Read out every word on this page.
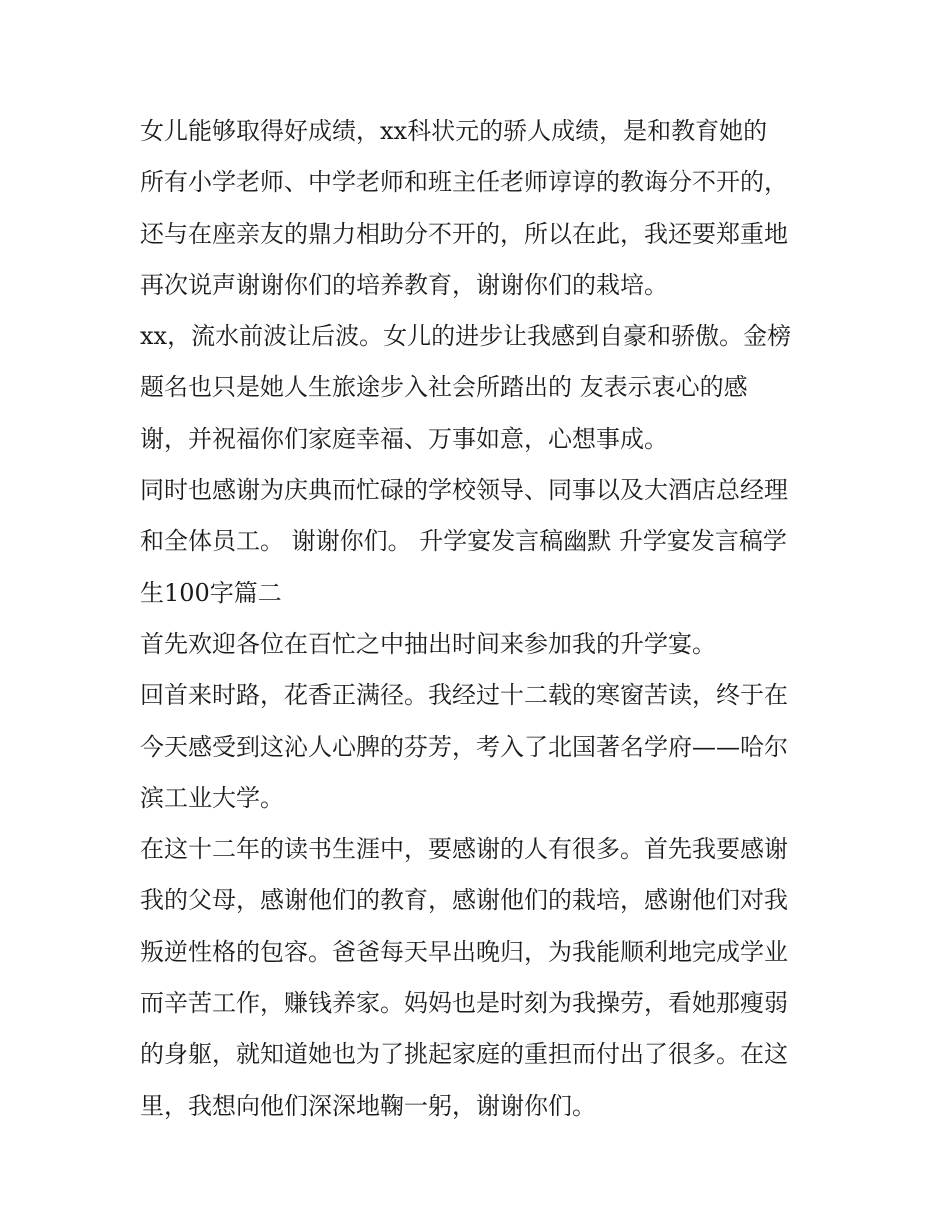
女儿能够取得好成绩，xx科状元的骄人成绩，是和教育她的
所有小学老师、中学老师和班主任老师谆谆的教诲分不开的，
还与在座亲友的鼎力相助分不开的，所以在此，我还要郑重地
再次说声谢谢你们的培养教育，谢谢你们的栽培。

xx，流水前波让后波。女儿的进步让我感到自豪和骄傲。金榜
题名也只是她人生旅途步入社会所踏出的 友表示衷心的感
谢，并祝福你们家庭幸福、万事如意，心想事成。

同时也感谢为庆典而忙碌的学校领导、同事以及大酒店总经理
和全体员工。 谢谢你们。 升学宴发言稿幽默 升学宴发言稿学
生100字篇二

首先欢迎各位在百忙之中抽出时间来参加我的升学宴。

回首来时路，花香正满径。我经过十二载的寒窗苦读，终于在
今天感受到这沁人心脾的芬芳，考入了北国著名学府——哈尔
滨工业大学。

在这十二年的读书生涯中，要感谢的人有很多。首先我要感谢
我的父母，感谢他们的教育，感谢他们的栽培，感谢他们对我
叛逆性格的包容。爸爸每天早出晚归，为我能顺利地完成学业
而辛苦工作，赚钱养家。妈妈也是时刻为我操劳，看她那瘦弱
的身躯，就知道她也为了挑起家庭的重担而付出了很多。在这
里，我想向他们深深地鞠一躬，谢谢你们。
